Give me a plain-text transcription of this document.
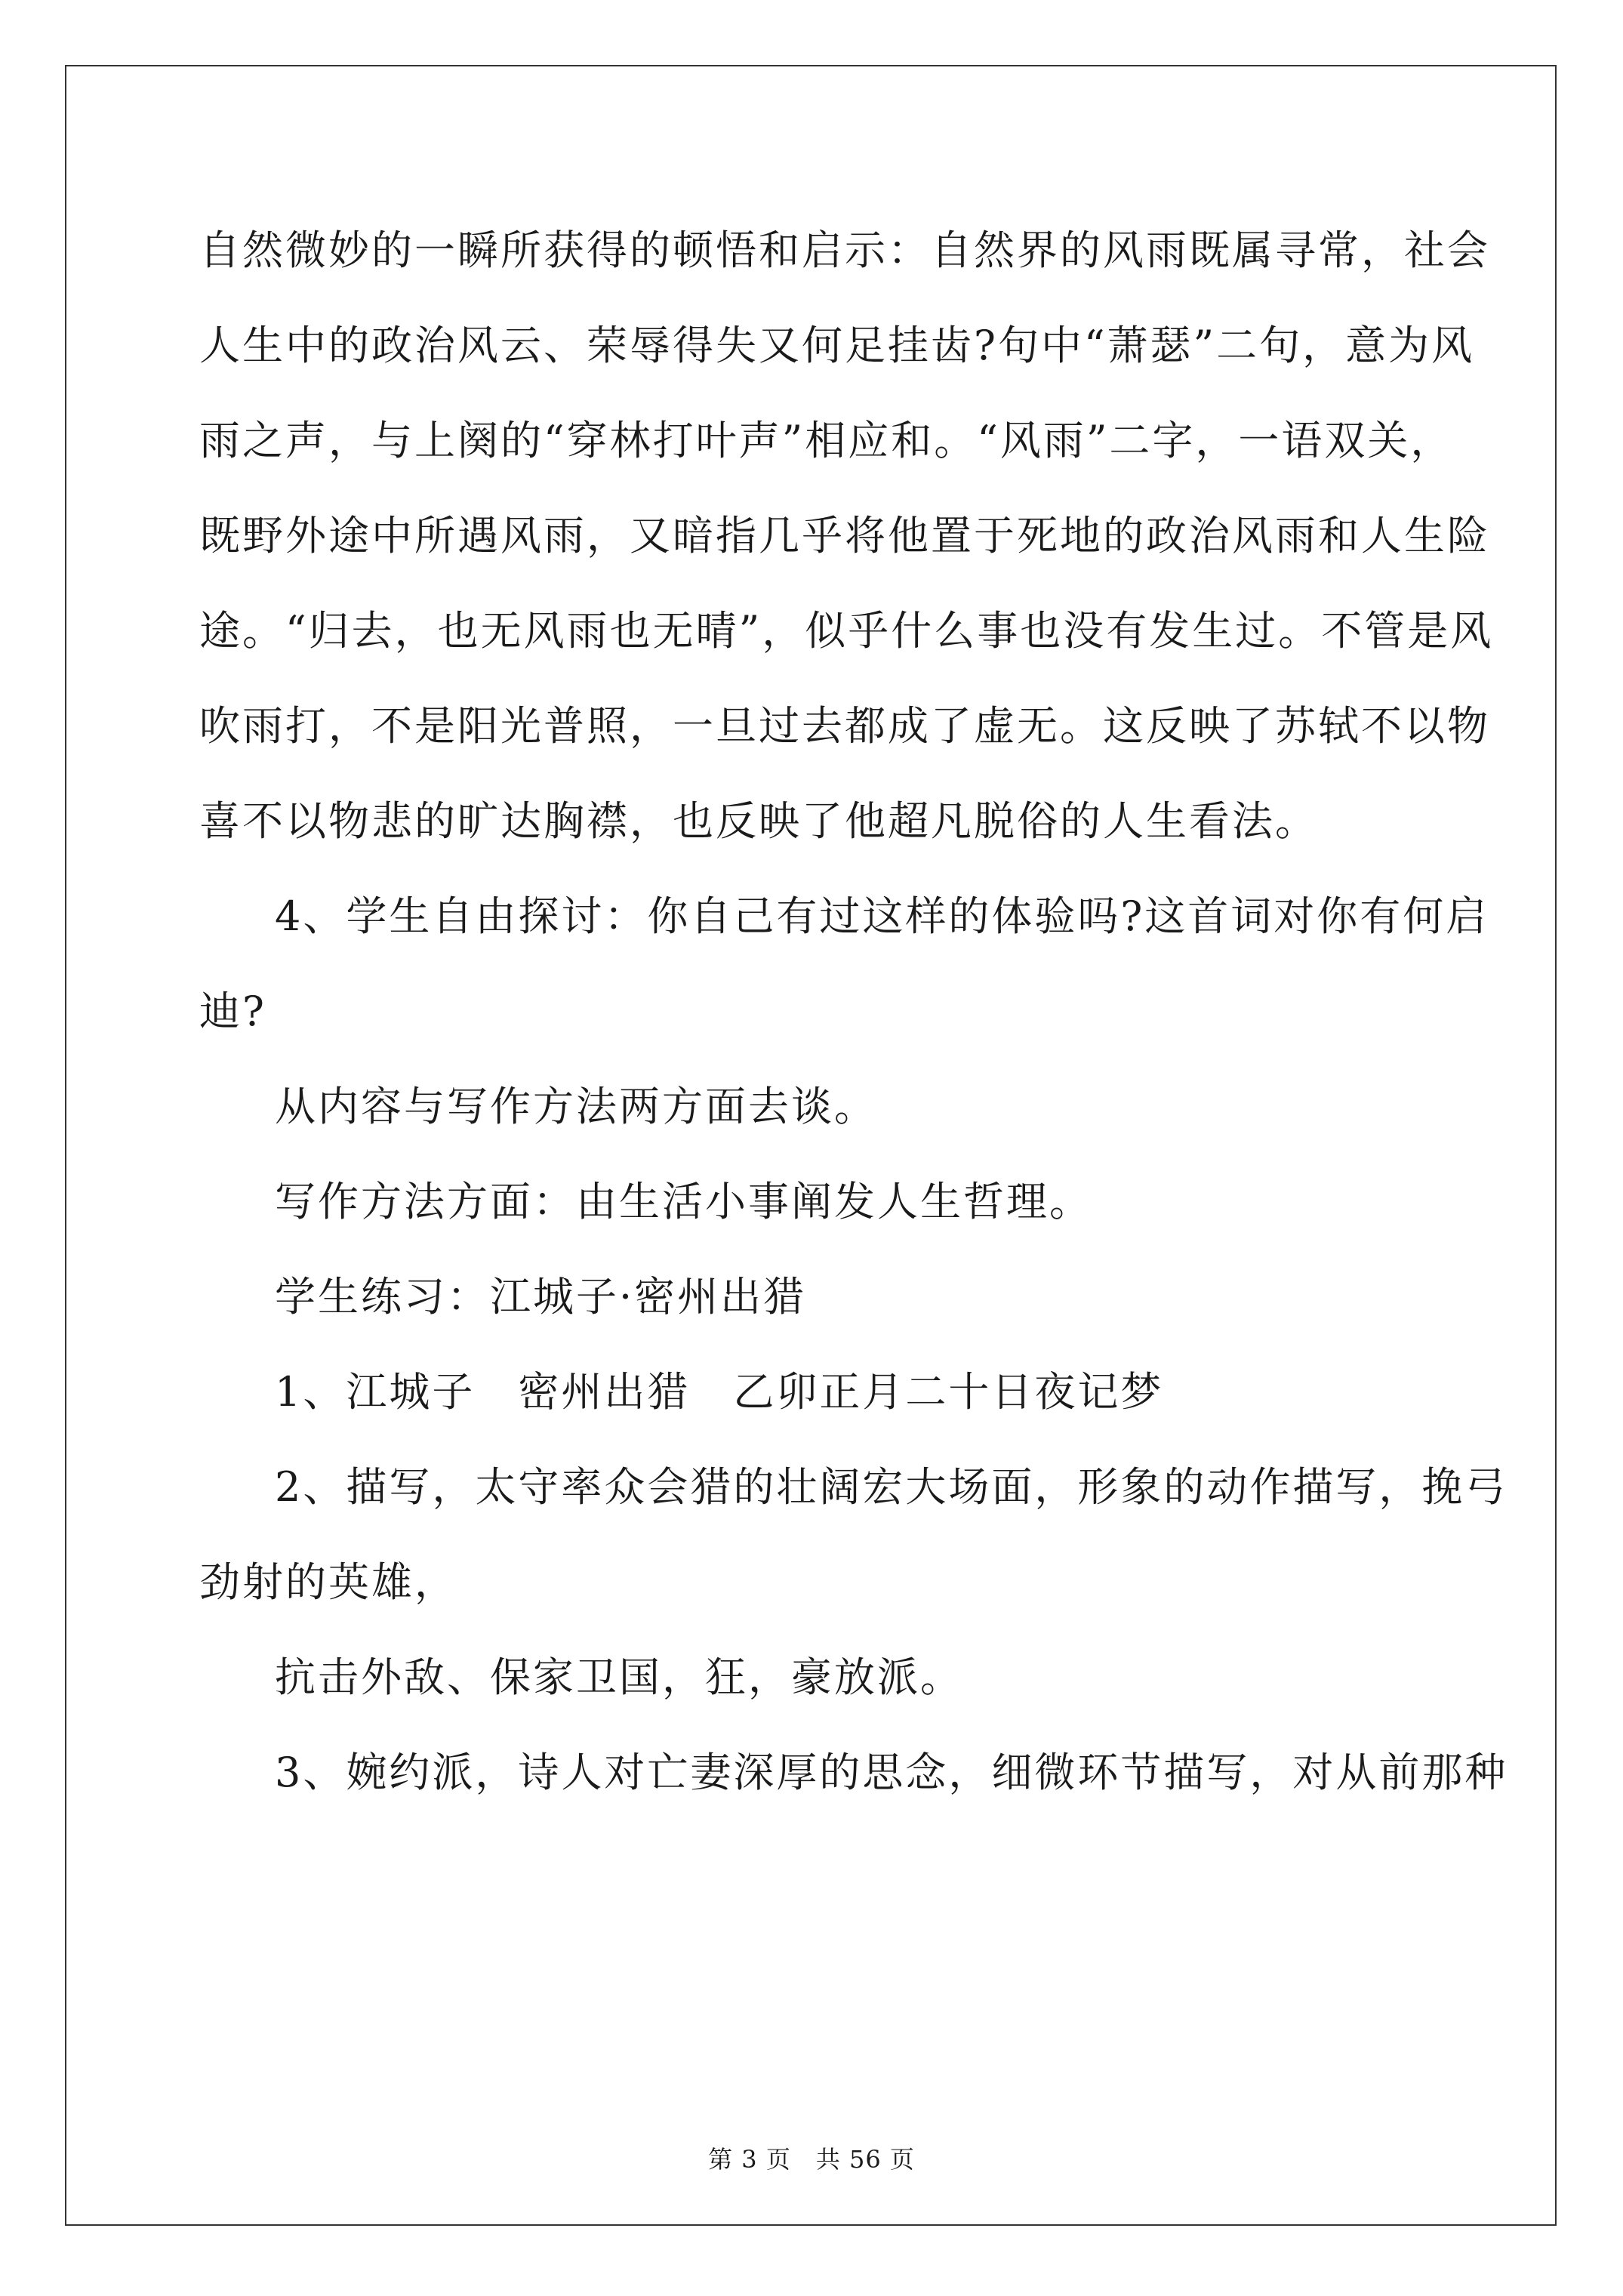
自然微妙的一瞬所获得的顿悟和启示：自然界的风雨既属寻常，社会
人生中的政治风云、荣辱得失又何足挂齿?句中“萧瑟”二句，意为风
雨之声，与上阕的“穿林打叶声”相应和。“风雨”二字，一语双关，
既野外途中所遇风雨，又暗指几乎将他置于死地的政治风雨和人生险
途。“归去，也无风雨也无晴”，似乎什么事也没有发生过。不管是风
吹雨打，不是阳光普照，一旦过去都成了虚无。这反映了苏轼不以物
喜不以物悲的旷达胸襟，也反映了他超凡脱俗的人生看法。
4、学生自由探讨：你自己有过这样的体验吗?这首词对你有何启
迪?
从内容与写作方法两方面去谈。
写作方法方面：由生活小事阐发人生哲理。
学生练习：江城子·密州出猎
1、江城子　密州出猎　乙卯正月二十日夜记梦
2、描写，太守率众会猎的壮阔宏大场面，形象的动作描写，挽弓
劲射的英雄，
抗击外敌、保家卫国，狂，豪放派。
3、婉约派，诗人对亡妻深厚的思念，细微环节描写，对从前那种
第 3 页　共 56 页
